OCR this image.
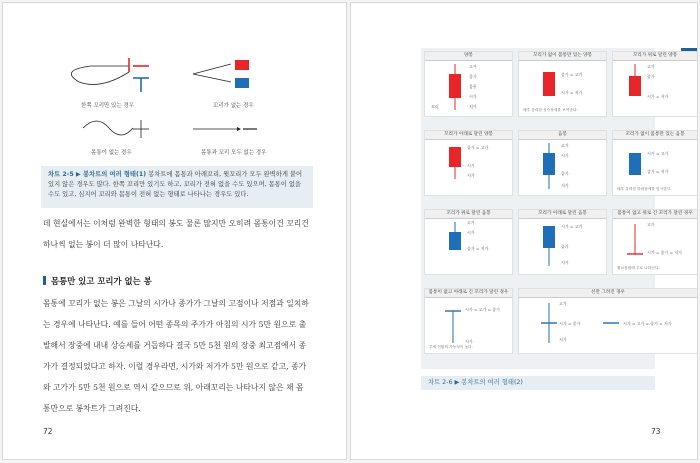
한쪽 꼬리만 있는 경우	꼬리가 없는 경우
몸통이 없는 경우	몸통과 꼬리 모두 없는 경우
차트 2-5 ▶ 봉차트의 여러 형태(1) 봉차트에 몸통과 아래꼬리, 윗꼬리가 모두 완벽하게 붙어 있지 않은 경우도 많다. 한쪽 꼬리만 있기도 하고, 꼬리가 전혀 없을 수도 있으며, 몸통이 없을 수도 있고, 심지어 꼬리와 몸통이 전혀 없는 형태로 나타나는 경우도 있다.
데 현실에서는 이처럼 완벽한 형태의 봉도 물론 많지만 오히려 몸통이건 꼬리건 하나씩 없는 봉이 더 많이 나타난다.
몸통만 있고 꼬리가 없는 봉
몸통에 꼬리가 없는 봉은 그날의 시가나 종가가 그날의 고점이나 저점과 일치하는 경우에 나타난다. 예를 들어 어떤 종목의 주가가 아침의 시가 5만 원으로 출발해서 장중에 내내 상승세를 거듭하다 결국 5만 5천 원의 장중 최고점에서 종가가 결정되었다고 하자. 이럴 경우라면, 시가와 저가가 5만 원으로 같고, 종가와 고가가 5만 5천 원으로 역시 같으므로 위, 아래꼬리는 나타나지 않은 채 몸통만으로 봉차트가 그려진다.
72
양봉
고가
종가
몸통
시가
저가
꼬리
꼬리가 없이 몸통만 있는 양봉
종가 = 고가
시가 = 저가
매우 강력한 상승장세를 보여준다.
꼬리가 위로 달린 양봉
고가
종가
시가 = 저가
꼬리가 아래로 달린 양봉
종가 = 고가
시가
저가
음봉
고가
시가
종가
저가
꼬리가 없이 몸통만 있는 음봉
시가 = 고가
종가 = 저가
매우 강력한 하락장세를 암시한다.
꼬리가 위로 달린 음봉
고가
시가
종가 = 저가
꼬리가 아래로 달린 음봉
시가 = 고가
종가
저가
몸통이 없고 위로 긴 꼬리가 달린 경우
고가
시가 = 종가 = 저가
횡보장세에 주로 나타난다.
몸통이 없고 아래로 긴 꼬리가 달린 경우
시가 = 고가 = 종가
저가
추세 전환의 가능성이 높다.
선만 그려진 경우
고가
시가 = 종가
저가
시가 = 고가 = 종가 = 저가
차트 2-6 ▶ 봉차트의 여러 형태(2)
73
